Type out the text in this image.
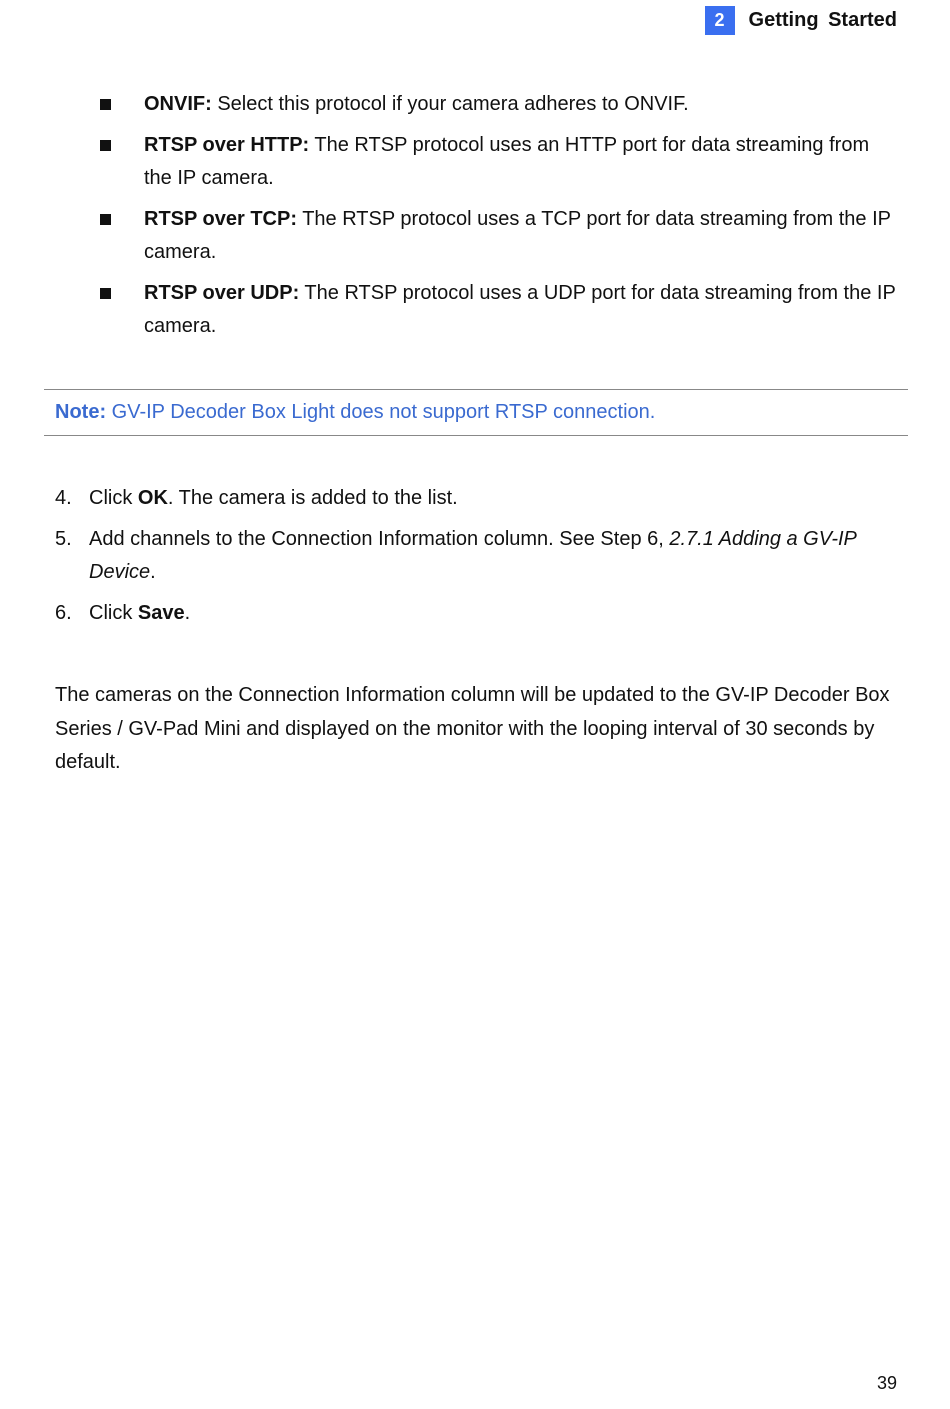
2	Getting Started
ONVIF: Select this protocol if your camera adheres to ONVIF.
RTSP over HTTP: The RTSP protocol uses an HTTP port for data streaming from the IP camera.
RTSP over TCP: The RTSP protocol uses a TCP port for data streaming from the IP camera.
RTSP over UDP: The RTSP protocol uses a UDP port for data streaming from the IP camera.
Note: GV-IP Decoder Box Light does not support RTSP connection.
4. Click OK. The camera is added to the list.
5. Add channels to the Connection Information column. See Step 6, 2.7.1 Adding a GV-IP Device.
6. Click Save.

The cameras on the Connection Information column will be updated to the GV-IP Decoder Box Series / GV-Pad Mini and displayed on the monitor with the looping interval of 30 seconds by default.

39
